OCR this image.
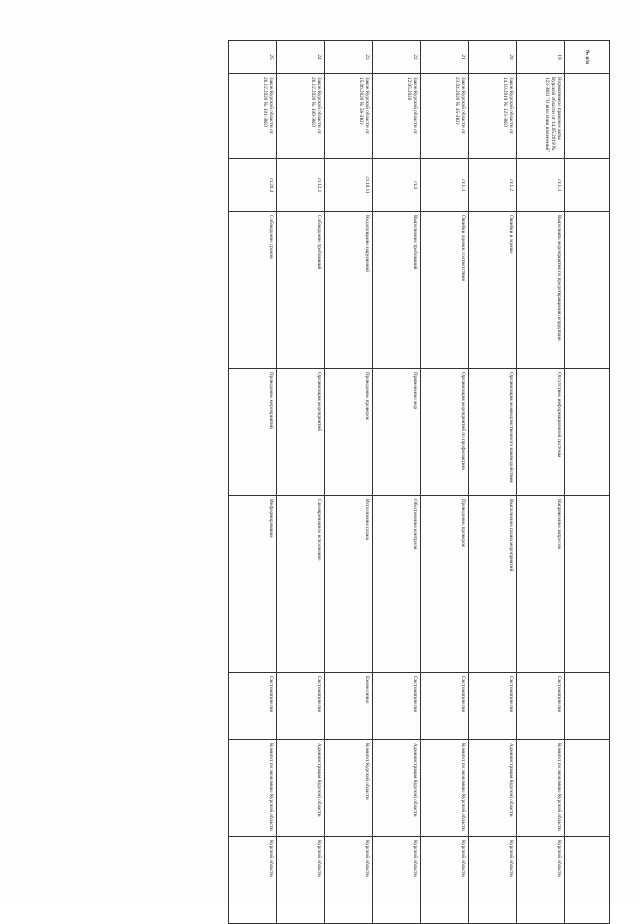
№ п/п								
19	Нормативное правовое акты Курской области от 14.05.2019 № 123-ЗКО "О внесении изменений"	ст.1.3	Выполнять мероприятия по предотвращению коррупции	Отсутствие информационной системы	Направление запросов	Систематически	Комитет по экономике Курской области	Курской области
20	Закон Курской области от 14.10.2019 № 123-ЗКО	ст.1.2	Ошибки в оценке	Организация межведомственного взаимодействия	Выполнение плана мероприятий	Систематически	Администрация Курской области	Курской области
21	Закон Курской области от 23.04.2020 № 45-ЗКО	ст.1.3	Ошибки оценки соответствия	Организация мероприятий по профилактике	Проведение проверок	Систематически	Комитет по экономике Курской области	Курской области
22	Закон Курской области от 12.05.2020	ст.4	Выполнение требований	Применение мер	Обеспечение контроля	Систематически	Администрация Курской области	Курской области
23	Закон Курской области от 15.06.2020 № 56-ЗКО	ст.10.11	Недопущение нарушений	Проведение проверок	Исполнение плана	Ежемесячно	Комитет Курской области	Курской области
24	Закон Курской области от 26.12.2020 № 100-ЗКО	ст.12.1	Соблюдение требований	Организация мероприятий	Своевременное исполнение	Систематически	Администрация Курской области	Курской области
25	Закон Курской области от 26.12.2020 № 101-ЗКО	ст.20.4	Соблюдение сроков	Проведение мероприятий	Информирование	Систематически	Комитет по экономике Курской области	Курской области
